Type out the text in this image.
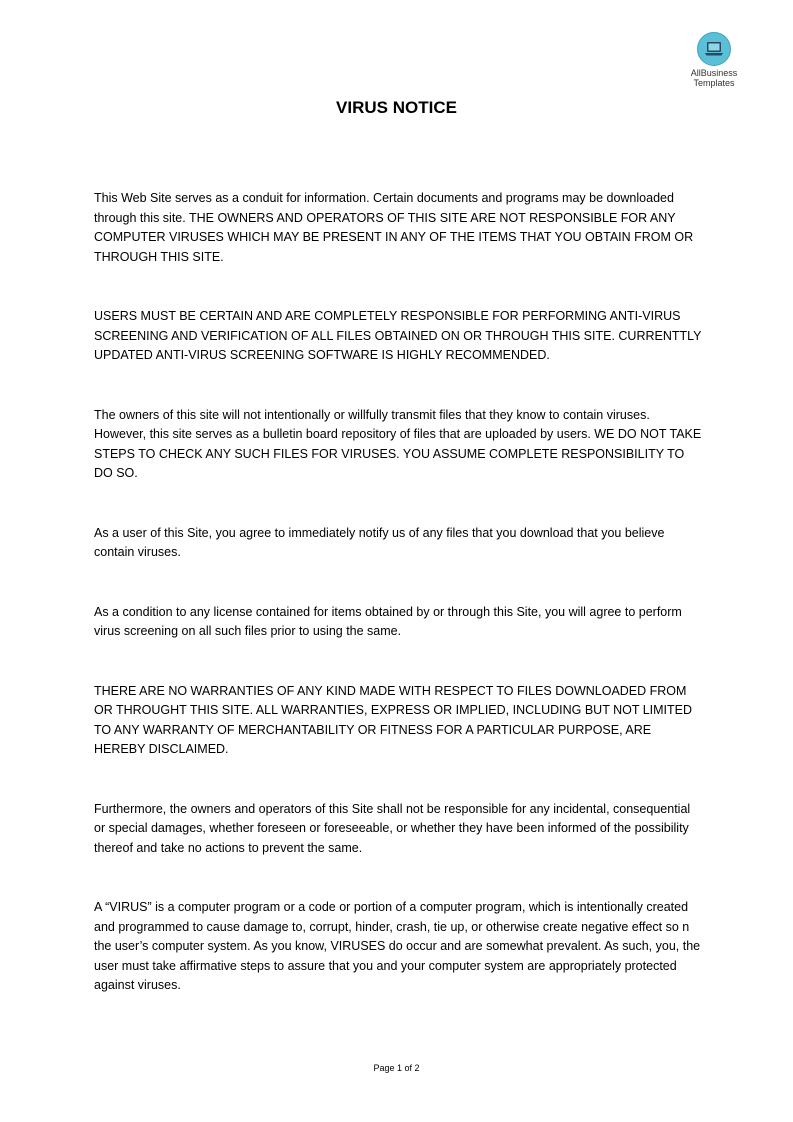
AllBusiness
Templates
VIRUS NOTICE

This Web Site serves as a conduit for information. Certain documents and programs may be downloaded through this site. THE OWNERS AND OPERATORS OF THIS SITE ARE NOT RESPONSIBLE FOR ANY COMPUTER VIRUSES WHICH MAY BE PRESENT IN ANY OF THE ITEMS THAT YOU OBTAIN FROM OR THROUGH THIS SITE.

USERS MUST BE CERTAIN AND ARE COMPLETELY RESPONSIBLE FOR PERFORMING ANTI-VIRUS SCREENING AND VERIFICATION OF ALL FILES OBTAINED ON OR THROUGH THIS SITE. CURRENTTLY UPDATED ANTI-VIRUS SCREENING SOFTWARE IS HIGHLY RECOMMENDED.

The owners of this site will not intentionally or willfully transmit files that they know to contain viruses. However, this site serves as a bulletin board repository of files that are uploaded by users. WE DO NOT TAKE STEPS TO CHECK ANY SUCH FILES FOR VIRUSES. YOU ASSUME COMPLETE RESPONSIBILITY TO DO SO.

As a user of this Site, you agree to immediately notify us of any files that you download that you believe contain viruses.

As a condition to any license contained for items obtained by or through this Site, you will agree to perform virus screening on all such files prior to using the same.

THERE ARE NO WARRANTIES OF ANY KIND MADE WITH RESPECT TO FILES DOWNLOADED FROM OR THROUGHT THIS SITE. ALL WARRANTIES, EXPRESS OR IMPLIED, INCLUDING BUT NOT LIMITED TO ANY WARRANTY OF MERCHANTABILITY OR FITNESS FOR A PARTICULAR PURPOSE, ARE HEREBY DISCLAIMED.

Furthermore, the owners and operators of this Site shall not be responsible for any incidental, consequential or special damages, whether foreseen or foreseeable, or whether they have been informed of the possibility thereof and take no actions to prevent the same.

A “VIRUS” is a computer program or a code or portion of a computer program, which is intentionally created and programmed to cause damage to, corrupt, hinder, crash, tie up, or otherwise create negative effect so n the user’s computer system. As you know, VIRUSES do occur and are somewhat prevalent. As such, you, the user must take affirmative steps to assure that you and your computer system are appropriately protected against viruses.

Page 1 of 2
